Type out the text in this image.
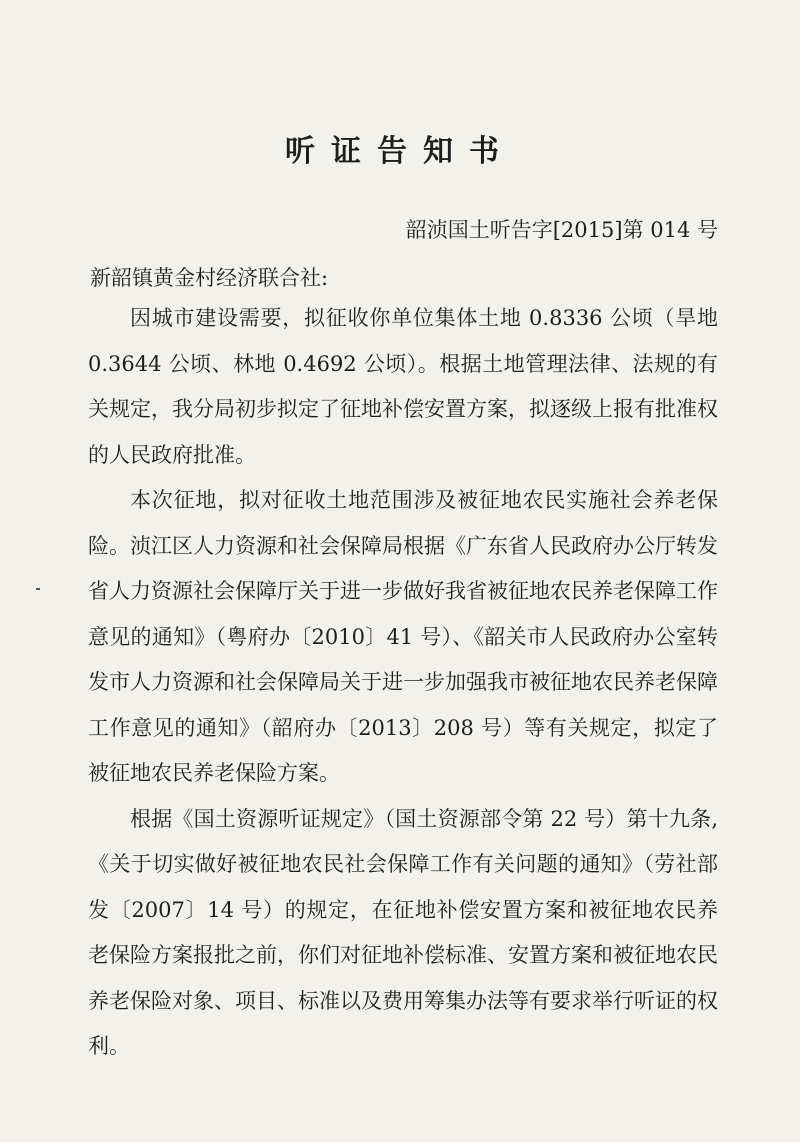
听证告知书
韶浈国土听告字[2015]第 014 号
新韶镇黄金村经济联合社:

因城市建设需要，拟征收你单位集体土地 0.8336 公顷（旱地 0.3644 公顷、林地 0.4692 公顷）。根据土地管理法律、法规的有关规定，我分局初步拟定了征地补偿安置方案，拟逐级上报有批准权的人民政府批准。

本次征地，拟对征收土地范围涉及被征地农民实施社会养老保险。浈江区人力资源和社会保障局根据《广东省人民政府办公厅转发省人力资源社会保障厅关于进一步做好我省被征地农民养老保障工作意见的通知》（粤府办〔2010〕41 号）、《韶关市人民政府办公室转发市人力资源和社会保障局关于进一步加强我市被征地农民养老保障工作意见的通知》（韶府办〔2013〕208 号）等有关规定，拟定了被征地农民养老保险方案。

根据《国土资源听证规定》（国土资源部令第 22 号）第十九条,《关于切实做好被征地农民社会保障工作有关问题的通知》（劳社部发〔2007〕14 号）的规定，在征地补偿安置方案和被征地农民养老保险方案报批之前，你们对征地补偿标准、安置方案和被征地农民养老保险对象、项目、标准以及费用筹集办法等有要求举行听证的权利。
